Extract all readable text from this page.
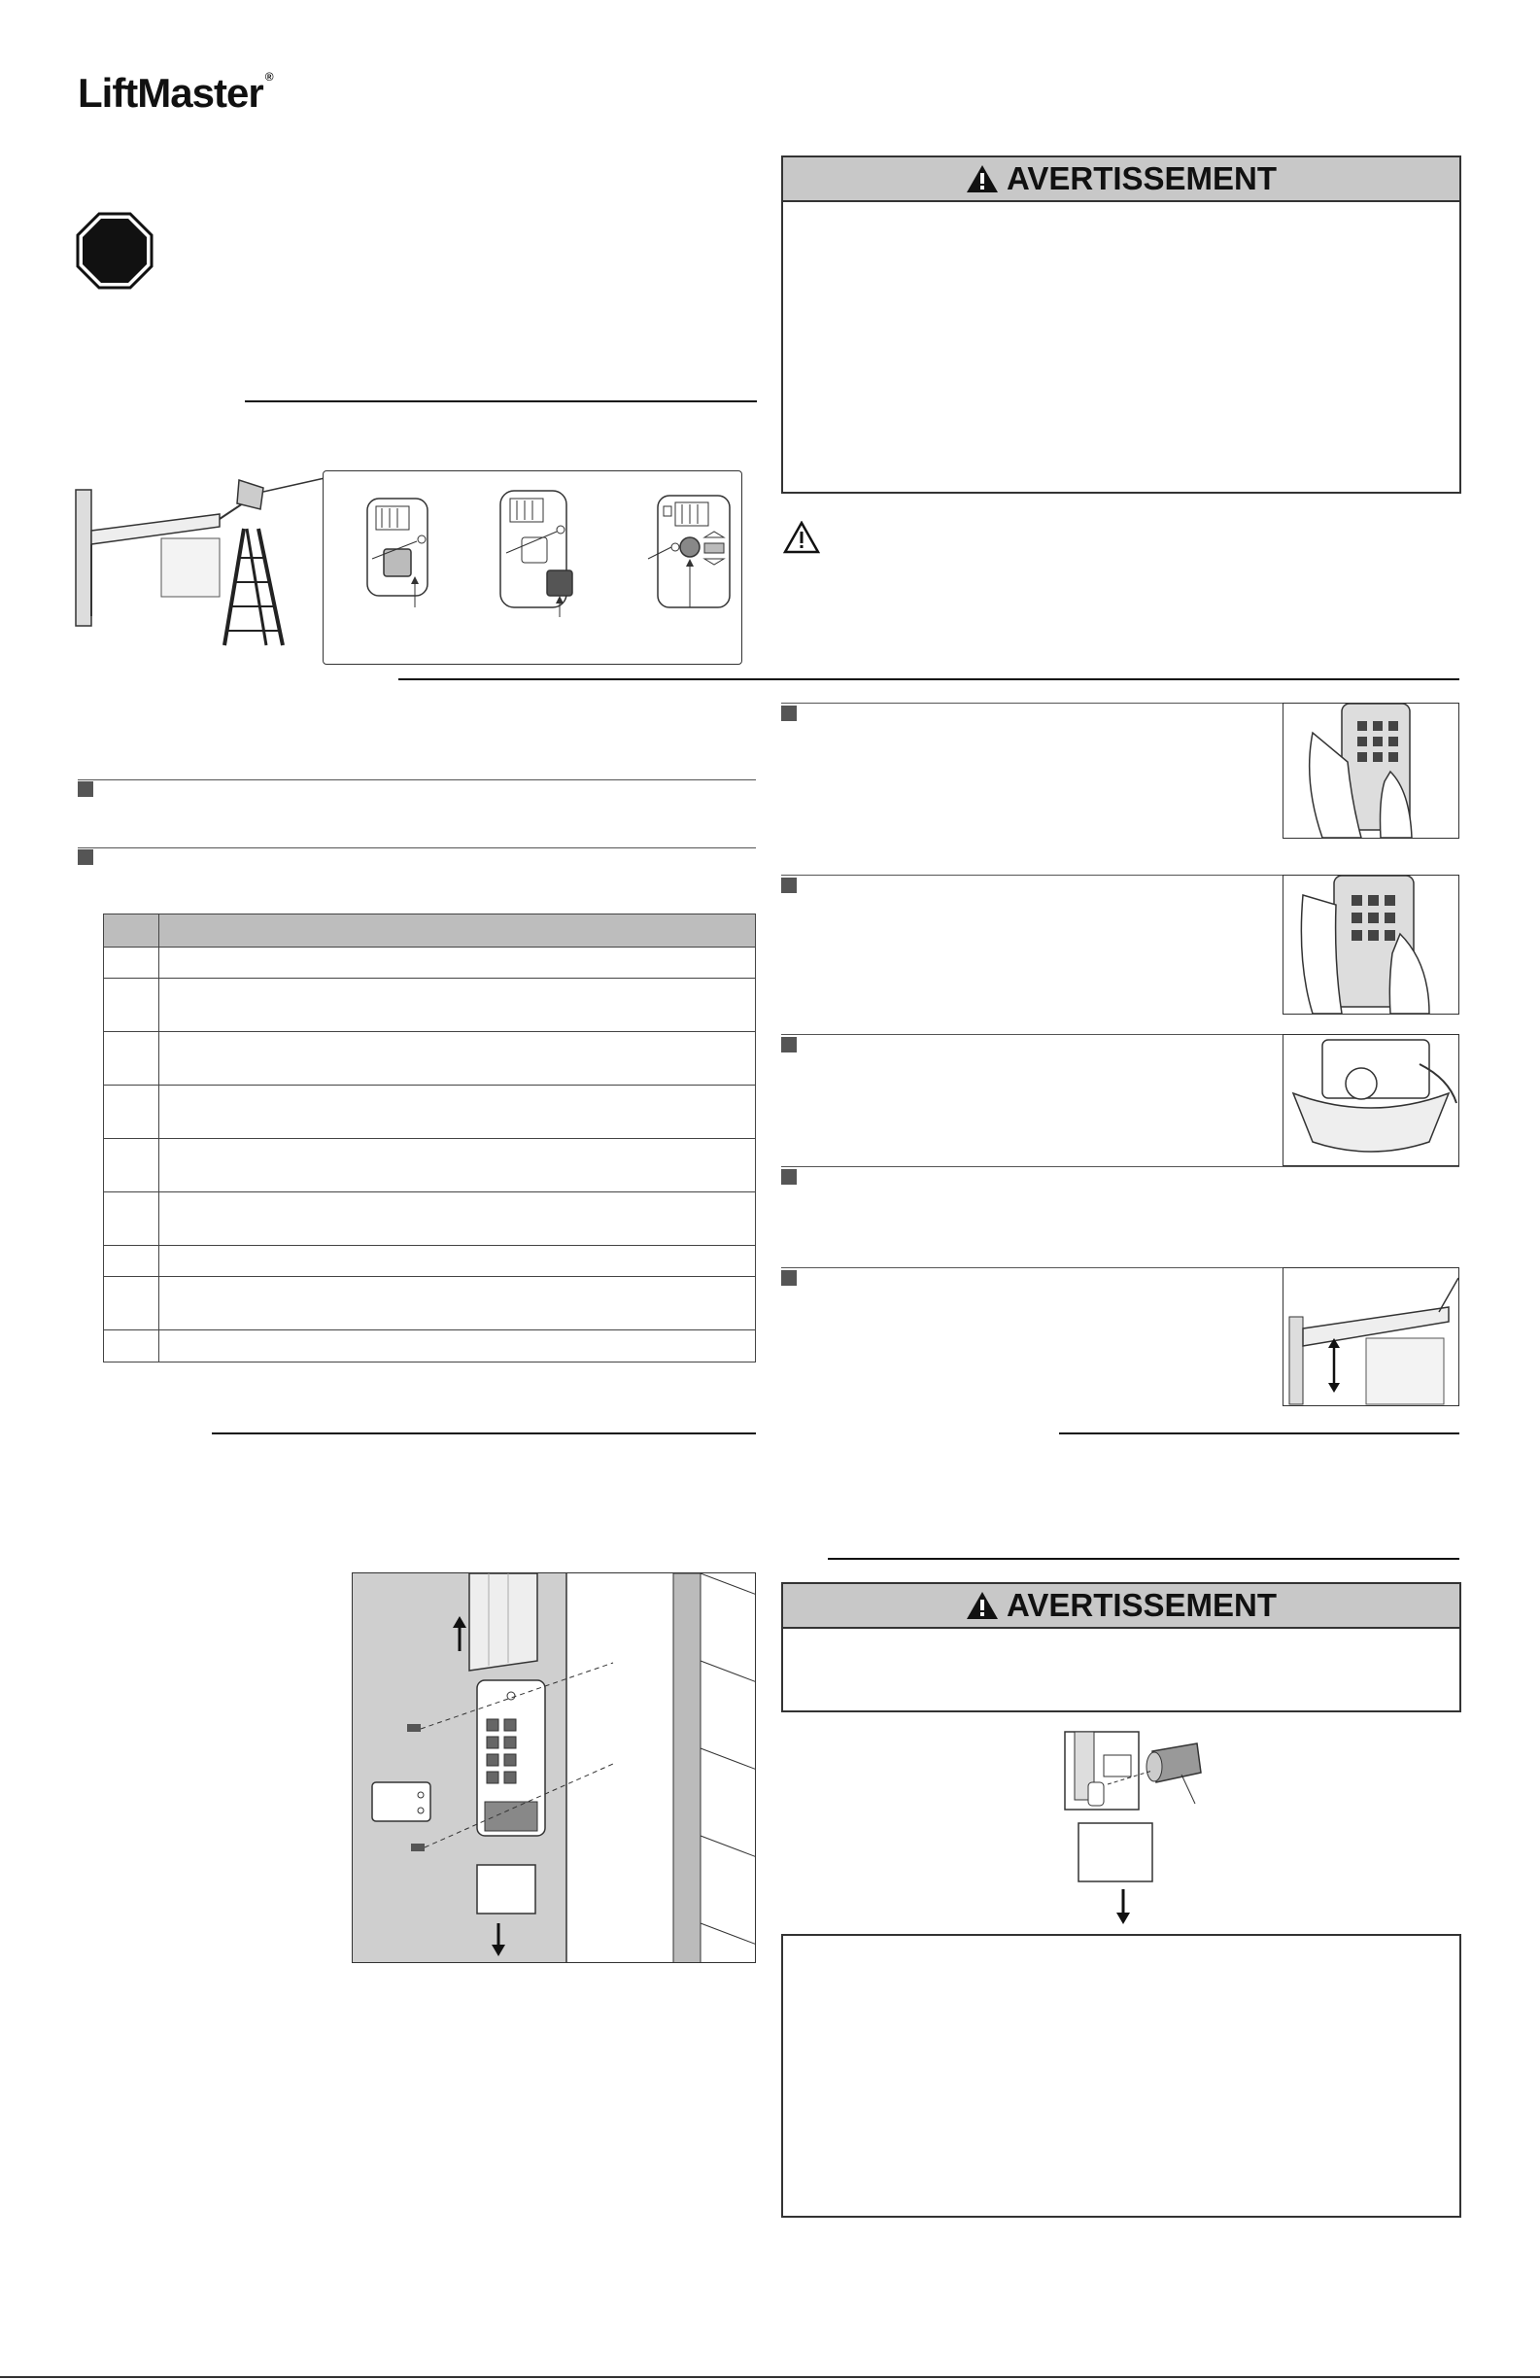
LiftMaster ®
AVERTISSEMENT

AVERTISSEMENT
